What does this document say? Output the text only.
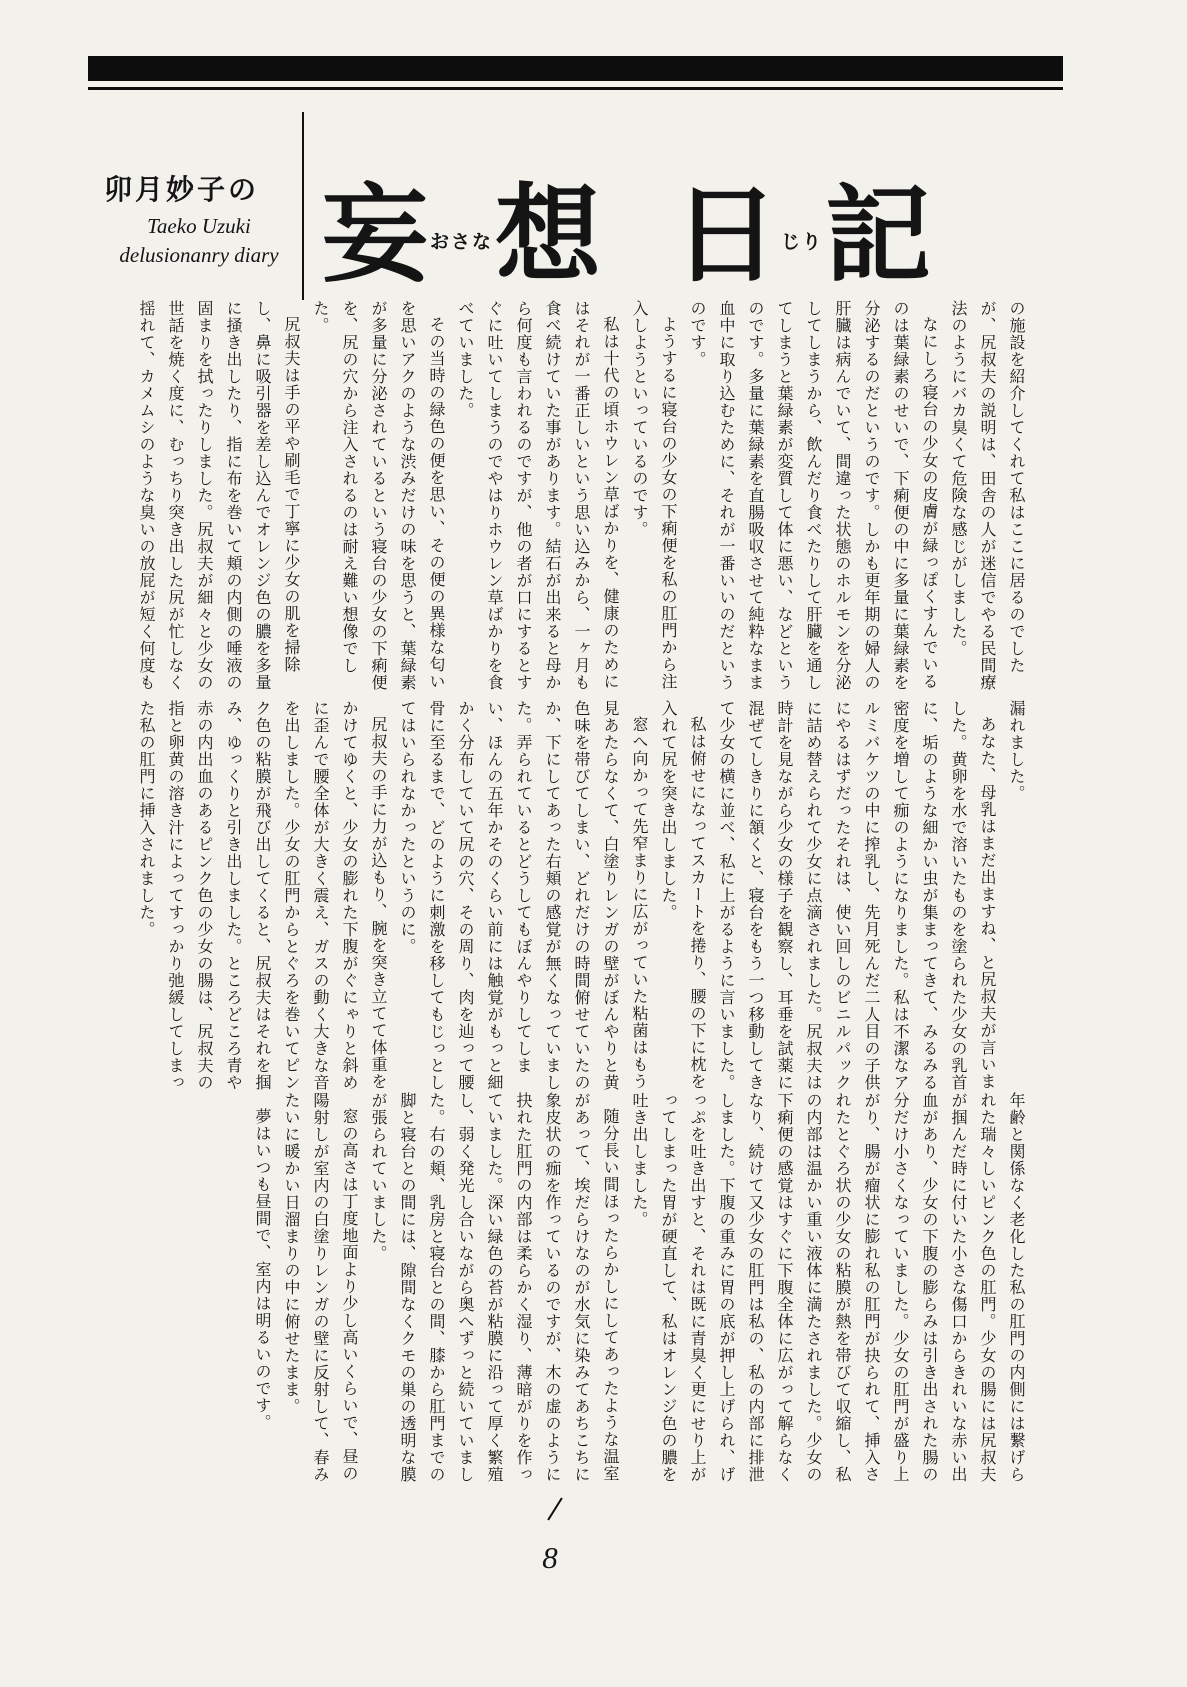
卯月妙子の
Taeko Uzuki
delusionanry diary 妄 おさな 想 日 じり 記

の施設を紹介してくれて私はここに居るのでしたが、尻叔夫の説明は、田舎の人が迷信でやる民間療法のようにバカ臭くて危険な感じがしました。

なにしろ寝台の少女の皮膚が緑っぽくすんでいるのは葉緑素のせいで、下痢便の中に多量に葉緑素を分泌するのだというのです。しかも更年期の婦人の肝臓は病んでいて、間違った状態のホルモンを分泌してしまうから、飲んだり食べたりして肝臓を通してしまうと葉緑素が変質して体に悪い、などというのです。多量に葉緑素を直腸吸収させて純粋なまま血中に取り込むために、それが一番いいのだというのです。

ようするに寝台の少女の下痢便を私の肛門から注入しようといっているのです。

私は十代の頃ホウレン草ばかりを、健康のためにはそれが一番正しいという思い込みから、一ヶ月も食べ続けていた事があります。結石が出来ると母から何度も言われるのですが、他の者が口にするとすぐに吐いてしまうのでやはりホウレン草ばかりを食べていました。

その当時の緑色の便を思い、その便の異様な匂いを思いアクのような渋みだけの味を思うと、葉緑素が多量に分泌されているという寝台の少女の下痢便を、尻の穴から注入されるのは耐え難い想像でした。

尻叔夫は手の平や刷毛で丁寧に少女の肌を掃除し、鼻に吸引器を差し込んでオレンジ色の膿を多量に掻き出したり、指に布を巻いて頬の内側の唾液の固まりを拭ったりしました。尻叔夫が細々と少女の世話を焼く度に、むっちり突き出した尻が忙しなく揺れて、カメムシのような臭いの放屁が短く何度も

漏れました。

あなた、母乳はまだ出ますね、と尻叔夫が言いました。黄卵を水で溶いたものを塗られた少女の乳首に、垢のような細かい虫が集まってきて、みるみる密度を増して痂のようになりました。私は不潔なアルミバケツの中に搾乳し、先月死んだ二人目の子供にやるはずだったそれは、使い回しのビニルパックに詰め替えられて少女に点滴されました。尻叔夫は時計を見ながら少女の様子を観察し、耳垂を試薬に混ぜてしきりに頷くと、寝台をもう一つ移動してきて少女の横に並べ、私に上がるように言いました。

私は俯せになってスカートを捲り、腰の下に枕を入れて尻を突き出しました。

窓へ向かって先窄まりに広がっていた粘菌はもう見あたらなくて、白塗りレンガの壁がぼんやりと黄色味を帯びてしまい、どれだけの時間俯せていたのか、下にしてあった右頬の感覚が無くなっていました。弄られているとどうしてもぼんやりしてしまい、ほんの五年かそのくらい前には触覚がもっと細かく分布していて尻の穴、その周り、肉を辿って腰骨に至るまで、どのように刺激を移してもじっとしてはいられなかったというのに。

尻叔夫の手に力が込もり、腕を突き立てて体重をかけてゆくと、少女の膨れた下腹がぐにゃりと斜めに歪んで腰全体が大きく震え、ガスの動く大きな音を出しました。少女の肛門からとぐろを巻いてピンク色の粘膜が飛び出してくると、尻叔夫はそれを掴み、ゆっくりと引き出しました。ところどころ青や赤の内出血のあるピンク色の少女の腸は、尻叔夫の指と卵黄の溶き汁によってすっかり弛緩してしまった私の肛門に挿入されました。

年齢と関係なく老化した私の肛門の内側には繋げられた瑞々しいピンク色の肛門。少女の腸には尻叔夫が掴んだ時に付いた小さな傷口からきれいな赤い出血があり、少女の下腹の膨らみは引き出された腸の分だけ小さくなっていました。少女の肛門が盛り上がり、腸が瘤状に膨れ私の肛門が抉られて、挿入されたとぐろ状の少女の粘膜が熱を帯びて収縮し、私の内部は温かい重い液体に満たされました。少女の下痢便の感覚はすぐに下腹全体に広がって解らなくなり、続けて又少女の肛門は私の、私の内部に排泄しました。下腹の重みに胃の底が押し上げられ、げっぷを吐き出すと、それは既に青臭く更にせり上がってしまった胃が硬直して、私はオレンジ色の膿を吐き出しました。

随分長い間ほったらかしにしてあったような温室があって、埃だらけなのが水気に染みてあちこちに象皮状の痂を作っているのですが、木の虚のように抉れた肛門の内部は柔らかく湿り、薄暗がりを作っていました。深い緑色の苔が粘膜に沿って厚く繁殖し、弱く発光し合いながら奥へずっと続いていました。右の頬、乳房と寝台との間、膝から肛門までの脚と寝台との間には、隙間なくクモの巣の透明な膜が張られていました。

窓の高さは丁度地面より少し高いくらいで、昼の陽射しが室内の白塗りレンガの壁に反射して、春みたいに暖かい日溜まりの中に俯せたまま。

夢はいつも昼間で、室内は明るいのです。

8
